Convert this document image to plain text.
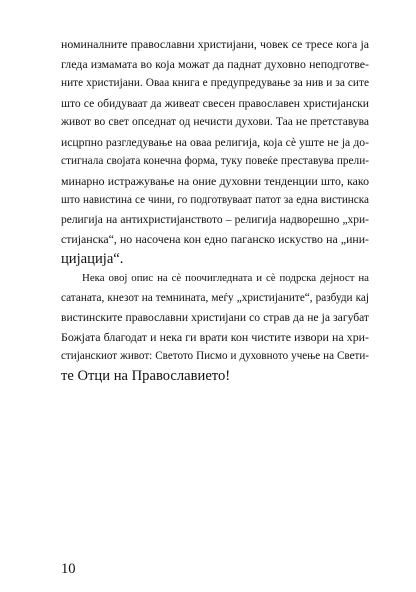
номиналните православни христијани, човек се тресе кога ја
гледа измамата во која можат да паднат духовно неподготве-
ните христијани. Оваа книга е предупредување за нив и за сите
што се обидуваат да живеат свесен православен христијански
живот во свет опседнат од нечисти духови. Таа не претставува
исцрпно разгледување на оваа религија, која сѐ уште не ја до-
стигнала својата конечна форма, туку повеќе преставува прели-
минарно истражување на оние духовни тенденции што, како
што навистина се чини, го подготвуваат патот за една вистинска
религија на антихристијанството – религија надворешно „хри-
стијанска“, но насочена кон едно паганско искуство на „ини-
цијација“.
Нека овој опис на сѐ поочигледната и сѐ подрска дејност на
сатаната, кнезот на темнината, меѓу „христијаните“, разбуди кај
вистинските православни христијани со страв да не ја загубат
Божјата благодат и нека ги врати кон чистите извори на хри-
стијанскиот живот: Светото Писмо и духовното учење на Свети-
те Отци на Православието!
10
